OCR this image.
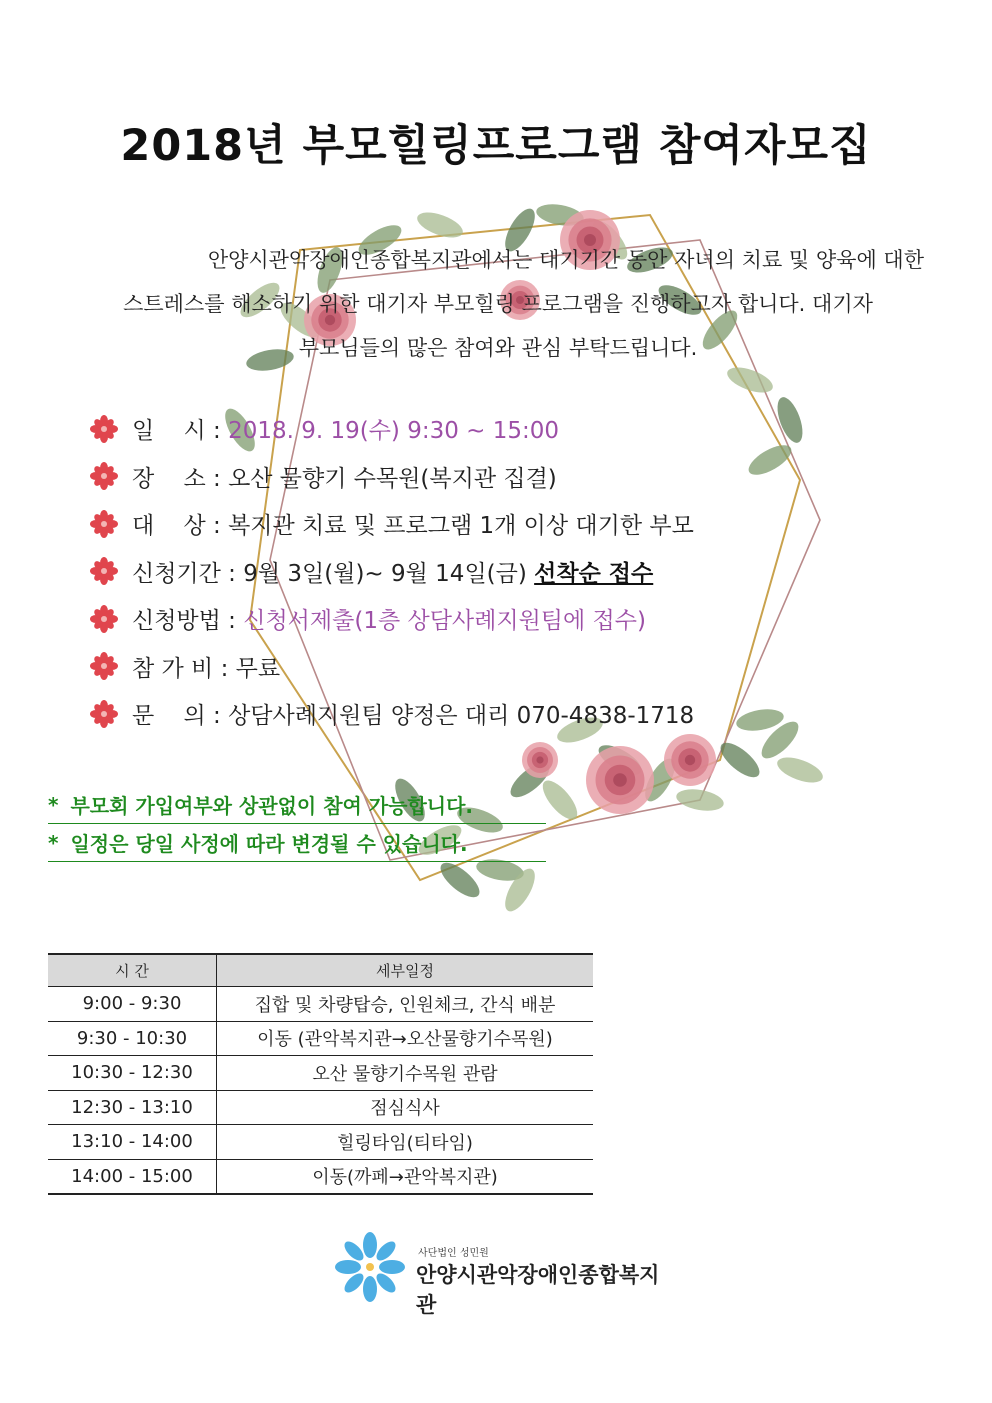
2018년 부모힐링프로그램 참여자모집
안양시관악장애인종합복지관에서는 대기기간 동안 자녀의 치료 및 양육에 대한
스트레스를 해소하기 위한 대기자 부모힐링 프로그램을 진행하고자 합니다. 대기자
부모님들의 많은 참여와 관심 부탁드립니다.
일    시 : 2018. 9. 19(수) 9:30 ~ 15:00
장    소 : 오산 물향기 수목원(복지관 집결)
대    상 : 복지관 치료 및 프로그램 1개 이상 대기한 부모
신청기간 : 9월 3일(월)~ 9월 14일(금) 선착순 접수
신청방법 : 신청서제출(1층 상담사례지원팀에 접수)
참 가 비 : 무료
문    의 : 상담사례지원팀 양정은 대리 070-4838-1718
* 부모회 가입여부와 상관없이 참여 가능합니다.
* 일정은 당일 사정에 따라 변경될 수 있습니다.
시 간	세부일정
9:00 - 9:30	집합 및 차량탑승, 인원체크, 간식 배분
9:30 - 10:30	이동 (관악복지관→오산물향기수목원)
10:30 - 12:30	오산 물향기수목원 관람
12:30 - 13:10	점심식사
13:10 - 14:00	힐링타임(티타임)
14:00 - 15:00	이동(까페→관악복지관)
사단법인 성민원
안양시관악장애인종합복지관
